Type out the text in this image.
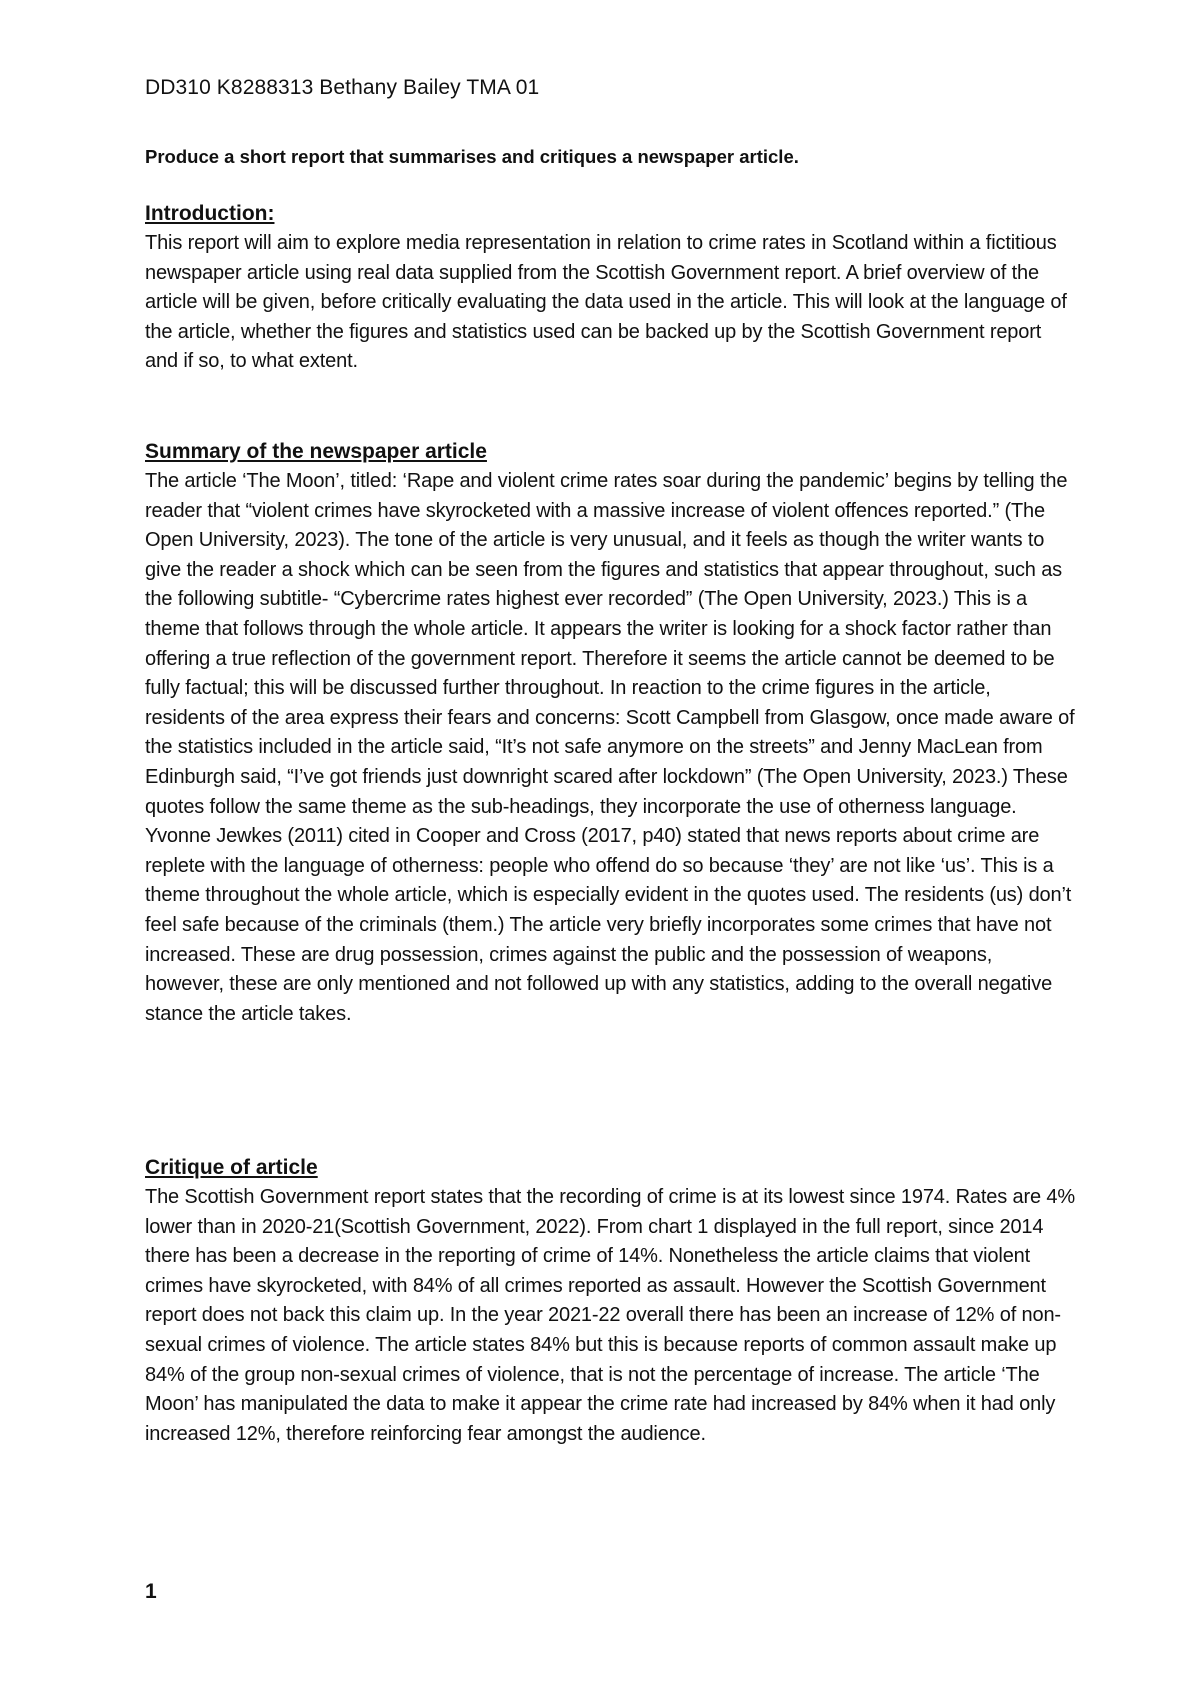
DD310 K8288313 Bethany Bailey TMA 01
Produce a short report that summarises and critiques a newspaper article.
Introduction:

This report will aim to explore media representation in relation to crime rates in Scotland within a fictitious newspaper article using real data supplied from the Scottish Government report. A brief overview of the article will be given, before critically evaluating the data used in the article. This will look at the language of the article, whether the figures and statistics used can be backed up by the Scottish Government report and if so, to what extent.

Summary of the newspaper article

The article ‘The Moon’, titled: ‘Rape and violent crime rates soar during the pandemic’ begins by telling the reader that “violent crimes have skyrocketed with a massive increase of violent offences reported.” (The Open University, 2023). The tone of the article is very unusual, and it feels as though the writer wants to give the reader a shock which can be seen from the figures and statistics that appear throughout, such as the following subtitle- “Cybercrime rates highest ever recorded” (The Open University, 2023.) This is a theme that follows through the whole article. It appears the writer is looking for a shock factor rather than offering a true reflection of the government report. Therefore it seems the article cannot be deemed to be fully factual; this will be discussed further throughout. In reaction to the crime figures in the article, residents of the area express their fears and concerns: Scott Campbell from Glasgow, once made aware of the statistics included in the article said, “It’s not safe anymore on the streets” and Jenny MacLean from Edinburgh said, “I’ve got friends just downright scared after lockdown” (The Open University, 2023.) These quotes follow the same theme as the sub-headings, they incorporate the use of otherness language. Yvonne Jewkes (2011) cited in Cooper and Cross (2017, p40) stated that news reports about crime are replete with the language of otherness: people who offend do so because ‘they’ are not like ‘us’. This is a theme throughout the whole article, which is especially evident in the quotes used. The residents (us) don’t feel safe because of the criminals (them.) The article very briefly incorporates some crimes that have not increased. These are drug possession, crimes against the public and the possession of weapons, however, these are only mentioned and not followed up with any statistics, adding to the overall negative stance the article takes.

Critique of article

The Scottish Government report states that the recording of crime is at its lowest since 1974. Rates are 4% lower than in 2020-21(Scottish Government, 2022). From chart 1 displayed in the full report, since 2014 there has been a decrease in the reporting of crime of 14%. Nonetheless the article claims that violent crimes have skyrocketed, with 84% of all crimes reported as assault. However the Scottish Government report does not back this claim up. In the year 2021-22 overall there has been an increase of 12% of non-sexual crimes of violence. The article states 84% but this is because reports of common assault make up 84% of the group non-sexual crimes of violence, that is not the percentage of increase. The article ‘The Moon’ has manipulated the data to make it appear the crime rate had increased by 84% when it had only increased 12%, therefore reinforcing fear amongst the audience.

1
